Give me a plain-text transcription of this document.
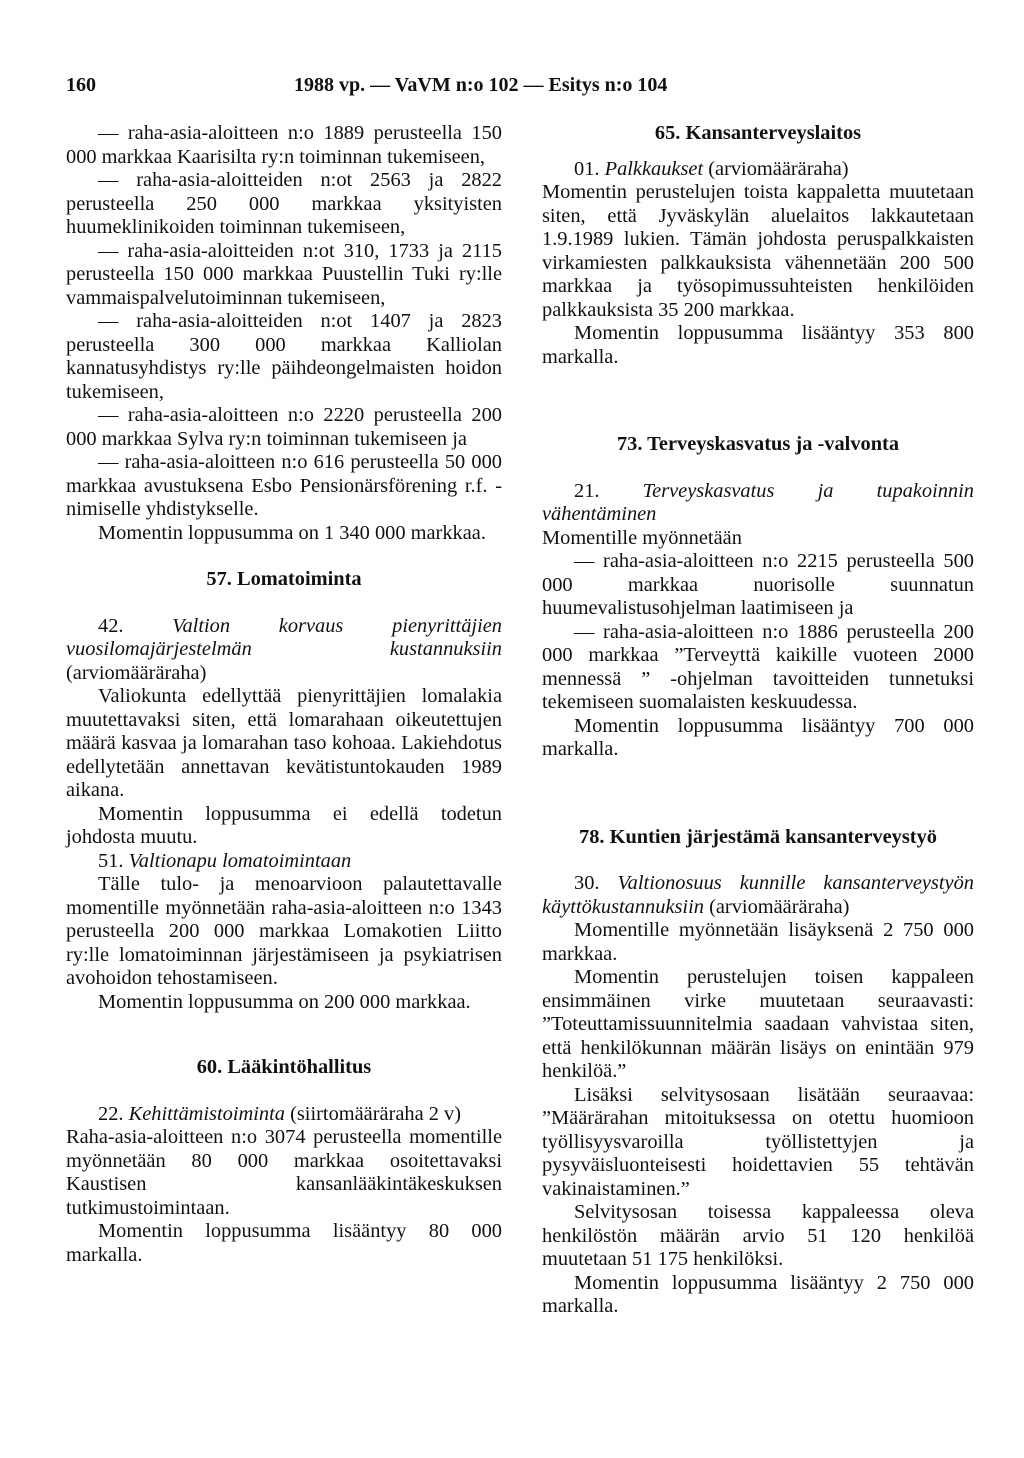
160	1988 vp. — VaVM n:o 102 — Esitys n:o 104

— raha-asia-aloitteen n:o 1889 perusteella 150 000 markkaa Kaarisilta ry:n toiminnan tukemiseen,

— raha-asia-aloitteiden n:ot 2563 ja 2822 perusteella 250 000 markkaa yksityisten huumeklinikoiden toiminnan tukemiseen,

— raha-asia-aloitteiden n:ot 310, 1733 ja 2115 perusteella 150 000 markkaa Puustellin Tuki ry:lle vammaispalvelutoiminnan tukemiseen,

— raha-asia-aloitteiden n:ot 1407 ja 2823 perusteella 300 000 markkaa Kalliolan kannatusyhdistys ry:lle päihdeongelmaisten hoidon tukemiseen,

— raha-asia-aloitteen n:o 2220 perusteella 200 000 markkaa Sylva ry:n toiminnan tukemiseen ja

— raha-asia-aloitteen n:o 616 perusteella 50 000 markkaa avustuksena Esbo Pensionärsförening r.f. -nimiselle yhdistykselle.

Momentin loppusumma on 1 340 000 markkaa.

57. Lomatoiminta

42. Valtion korvaus pienyrittäjien vuosilomajärjestelmän kustannuksiin (arviomääräraha)

Valiokunta edellyttää pienyrittäjien lomalakia muutettavaksi siten, että lomarahaan oikeutettujen määrä kasvaa ja lomarahan taso kohoaa. Lakiehdotus edellytetään annettavan kevätistuntokauden 1989 aikana.

Momentin loppusumma ei edellä todetun johdosta muutu.

51. Valtionapu lomatoimintaan

Tälle tulo- ja menoarvioon palautettavalle momentille myönnetään raha-asia-aloitteen n:o 1343 perusteella 200 000 markkaa Lomakotien Liitto ry:lle lomatoiminnan järjestämiseen ja psykiatrisen avohoidon tehostamiseen.

Momentin loppusumma on 200 000 markkaa.

60. Lääkintöhallitus

22. Kehittämistoiminta (siirtomääräraha 2 v)

Raha-asia-aloitteen n:o 3074 perusteella momentille myönnetään 80 000 markkaa osoitettavaksi Kaustisen kansanlääkintäkeskuksen tutkimustoimintaan.

Momentin loppusumma lisääntyy 80 000 markalla.

65. Kansanterveyslaitos

01. Palkkaukset (arviomääräraha)

Momentin perustelujen toista kappaletta muutetaan siten, että Jyväskylän aluelaitos lakkautetaan 1.9.1989 lukien. Tämän johdosta peruspalkkaisten virkamiesten palkkauksista vähennetään 200 500 markkaa ja työsopimussuhteisten henkilöiden palkkauksista 35 200 markkaa.

Momentin loppusumma lisääntyy 353 800 markalla.

73. Terveyskasvatus ja -valvonta

21. Terveyskasvatus ja tupakoinnin vähentäminen

Momentille myönnetään

— raha-asia-aloitteen n:o 2215 perusteella 500 000 markkaa nuorisolle suunnatun huumevalistusohjelman laatimiseen ja

— raha-asia-aloitteen n:o 1886 perusteella 200 000 markkaa ”Terveyttä kaikille vuoteen 2000 mennessä ” -ohjelman tavoitteiden tunnetuksi tekemiseen suomalaisten keskuudessa.

Momentin loppusumma lisääntyy 700 000 markalla.

78. Kuntien järjestämä kansanterveystyö

30. Valtionosuus kunnille kansanterveystyön käyttökustannuksiin (arviomääräraha)

Momentille myönnetään lisäyksenä 2 750 000 markkaa.

Momentin perustelujen toisen kappaleen ensimmäinen virke muutetaan seuraavasti: ”Toteuttamissuunnitelmia saadaan vahvistaa siten, että henkilökunnan määrän lisäys on enintään 979 henkilöä.”

Lisäksi selvitysosaan lisätään seuraavaa: ”Määrärahan mitoituksessa on otettu huomioon työllisyysvaroilla työllistettyjen ja pysyväisluonteisesti hoidettavien 55 tehtävän vakinaistaminen.”

Selvitysosan toisessa kappaleessa oleva henkilöstön määrän arvio 51 120 henkilöä muutetaan 51 175 henkilöksi.

Momentin loppusumma lisääntyy 2 750 000 markalla.
